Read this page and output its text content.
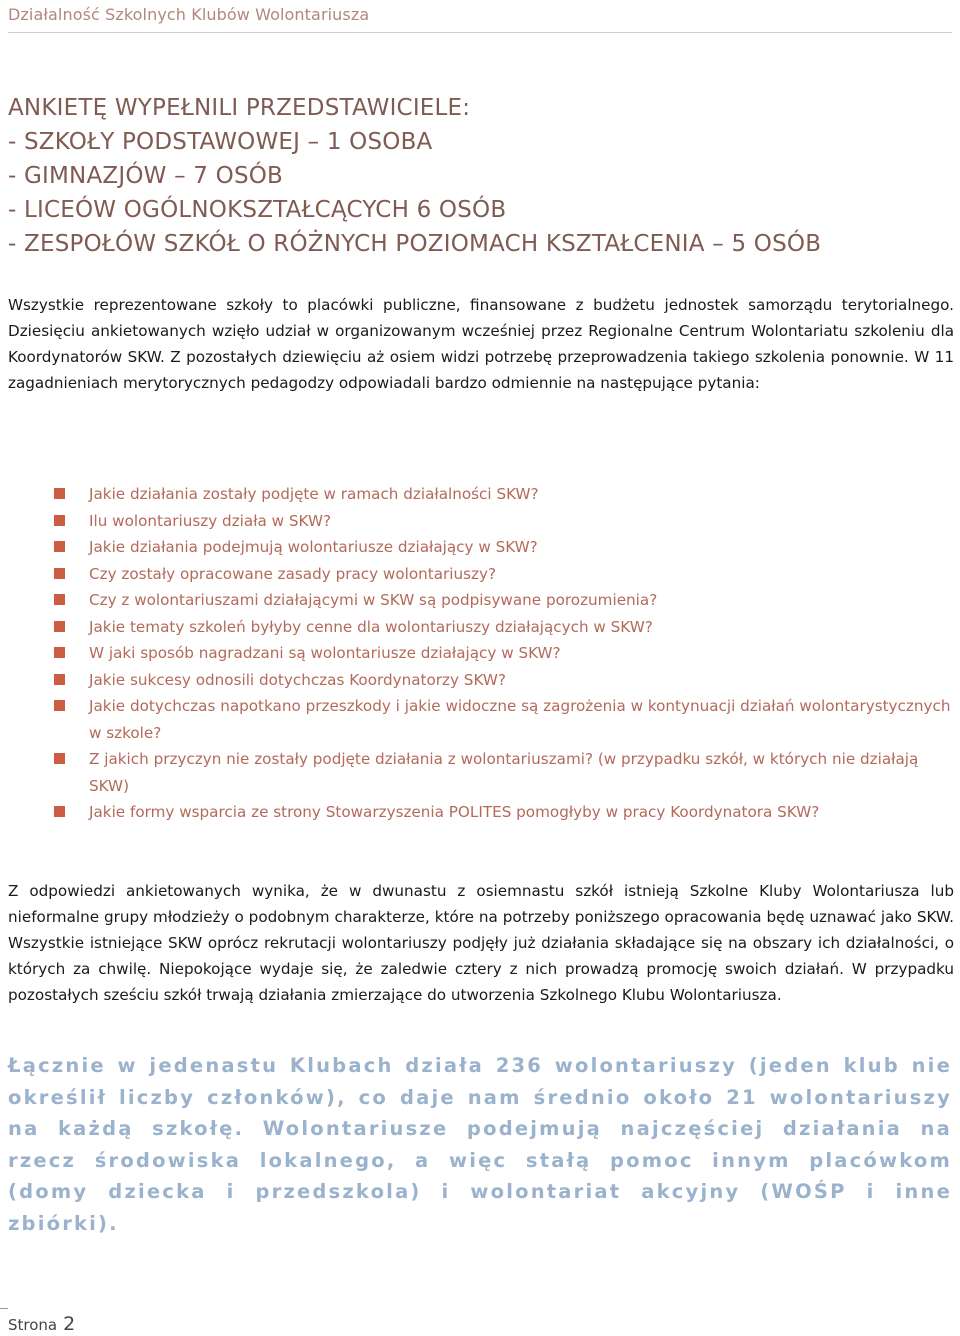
Działalność Szkolnych Klubów Wolontariusza
ANKIETĘ WYPEŁNILI PRZEDSTAWICIELE:
- SZKOŁY PODSTAWOWEJ – 1 OSOBA
- GIMNAZJÓW – 7 OSÓB
- LICEÓW OGÓLNOKSZTAŁCĄCYCH 6 OSÓB
- ZESPOŁÓW SZKÓŁ O RÓŻNYCH POZIOMACH KSZTAŁCENIA – 5 OSÓB
Wszystkie reprezentowane szkoły to placówki publiczne, finansowane z budżetu jednostek samorządu terytorialnego. Dziesięciu ankietowanych wzięło udział w organizowanym wcześniej przez Regionalne Centrum Wolontariatu szkoleniu dla Koordynatorów SKW. Z pozostałych dziewięciu aż osiem widzi potrzebę przeprowadzenia takiego szkolenia ponownie. W 11 zagadnieniach merytorycznych pedagodzy odpowiadali bardzo odmiennie na następujące pytania:
Jakie działania zostały podjęte w ramach działalności SKW?
Ilu wolontariuszy działa w SKW?
Jakie działania podejmują wolontariusze działający w SKW?
Czy zostały opracowane zasady pracy wolontariuszy?
Czy z wolontariuszami działającymi w SKW są podpisywane porozumienia?
Jakie tematy szkoleń byłyby cenne dla wolontariuszy działających w SKW?
W jaki sposób nagradzani są wolontariusze działający w SKW?
Jakie sukcesy odnosili dotychczas Koordynatorzy SKW?
Jakie dotychczas napotkano przeszkody i jakie widoczne są zagrożenia w kontynuacji działań wolontarystycznych w szkole?
Z jakich przyczyn nie zostały podjęte działania z wolontariuszami? (w przypadku szkół, w których nie działają SKW)
Jakie formy wsparcia ze strony Stowarzyszenia POLITES pomogłyby w pracy Koordynatora SKW?
Z odpowiedzi ankietowanych wynika, że w dwunastu z osiemnastu szkół istnieją Szkolne Kluby Wolontariusza lub nieformalne grupy młodzieży o podobnym charakterze, które na potrzeby poniższego opracowania będę uznawać jako SKW. Wszystkie istniejące SKW oprócz rekrutacji wolontariuszy podjęły już działania składające się na obszary ich działalności, o których za chwilę. Niepokojące wydaje się, że zaledwie cztery z nich prowadzą promocję swoich działań. W przypadku pozostałych sześciu szkół trwają działania zmierzające do utworzenia Szkolnego Klubu Wolontariusza.
Łącznie w jedenastu Klubach działa 236 wolontariuszy (jeden klub nie określił liczby członków), co daje nam średnio około 21 wolontariuszy na każdą szkołę. Wolontariusze podejmują najczęściej działania na rzecz środowiska lokalnego, a więc stałą pomoc innym placówkom (domy dziecka i przedszkola) i wolontariat akcyjny (WOŚP i inne zbiórki).
Strona 2
